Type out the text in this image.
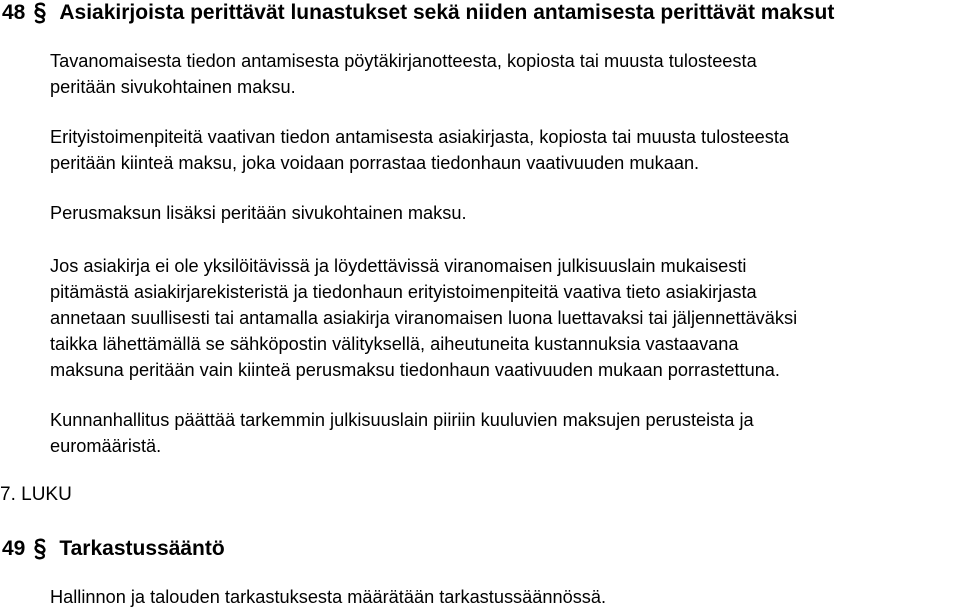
48 Asiakirjoista perittävät lunastukset sekä niiden antamisesta perittävät maksut

Tavanomaisesta tiedon antamisesta pöytäkirjanotteesta, kopiosta tai muusta tulosteesta
peritään sivukohtainen maksu.

Erityistoimenpiteitä vaativan tiedon antamisesta asiakirjasta, kopiosta tai muusta tulosteesta
peritään kiinteä maksu, joka voidaan porrastaa tiedonhaun vaativuuden mukaan.

Perusmaksun lisäksi peritään sivukohtainen maksu.

Jos asiakirja ei ole yksilöitävissä ja löydettävissä viranomaisen julkisuuslain mukaisesti
pitämästä asiakirjarekisteristä ja tiedonhaun erityistoimenpiteitä vaativa tieto asiakirjasta
annetaan suullisesti tai antamalla asiakirja viranomaisen luona luettavaksi tai jäljennettäväksi
taikka lähettämällä se sähköpostin välityksellä, aiheutuneita kustannuksia vastaavana
maksuna peritään vain kiinteä perusmaksu tiedonhaun vaativuuden mukaan porrastettuna.

Kunnanhallitus päättää tarkemmin julkisuuslain piiriin kuuluvien maksujen perusteista ja
euromääristä.

7. LUKU
49 Tarkastussääntö

Hallinnon ja talouden tarkastuksesta määrätään tarkastussäännössä.
